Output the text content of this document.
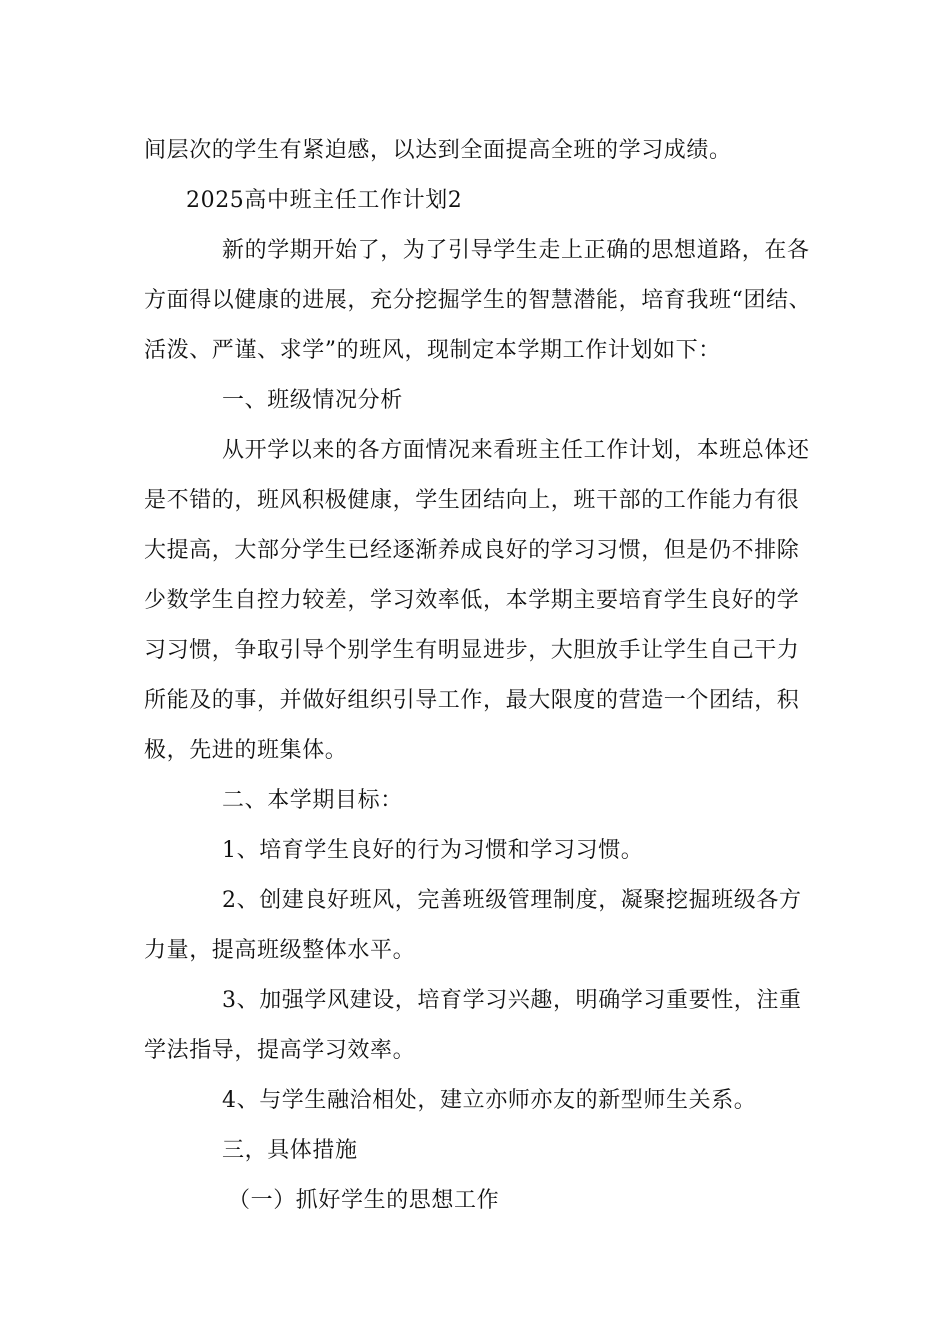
间层次的学生有紧迫感，以达到全面提高全班的学习成绩。
2025高中班主任工作计划2
新的学期开始了，为了引导学生走上正确的思想道路，在各
方面得以健康的进展，充分挖掘学生的智慧潜能，培育我班“团结、
活泼、严谨、求学”的班风，现制定本学期工作计划如下：
一、班级情况分析
从开学以来的各方面情况来看班主任工作计划，本班总体还
是不错的，班风积极健康，学生团结向上，班干部的工作能力有很
大提高，大部分学生已经逐渐养成良好的学习习惯，但是仍不排除
少数学生自控力较差，学习效率低，本学期主要培育学生良好的学
习习惯，争取引导个别学生有明显进步，大胆放手让学生自己干力
所能及的事，并做好组织引导工作，最大限度的营造一个团结，积
极，先进的班集体。
二、本学期目标：
1、培育学生良好的行为习惯和学习习惯。
2、创建良好班风，完善班级管理制度，凝聚挖掘班级各方
力量，提高班级整体水平。
3、加强学风建设，培育学习兴趣，明确学习重要性，注重
学法指导，提高学习效率。
4、与学生融洽相处，建立亦师亦友的新型师生关系。
三，具体措施
（一）抓好学生的思想工作
